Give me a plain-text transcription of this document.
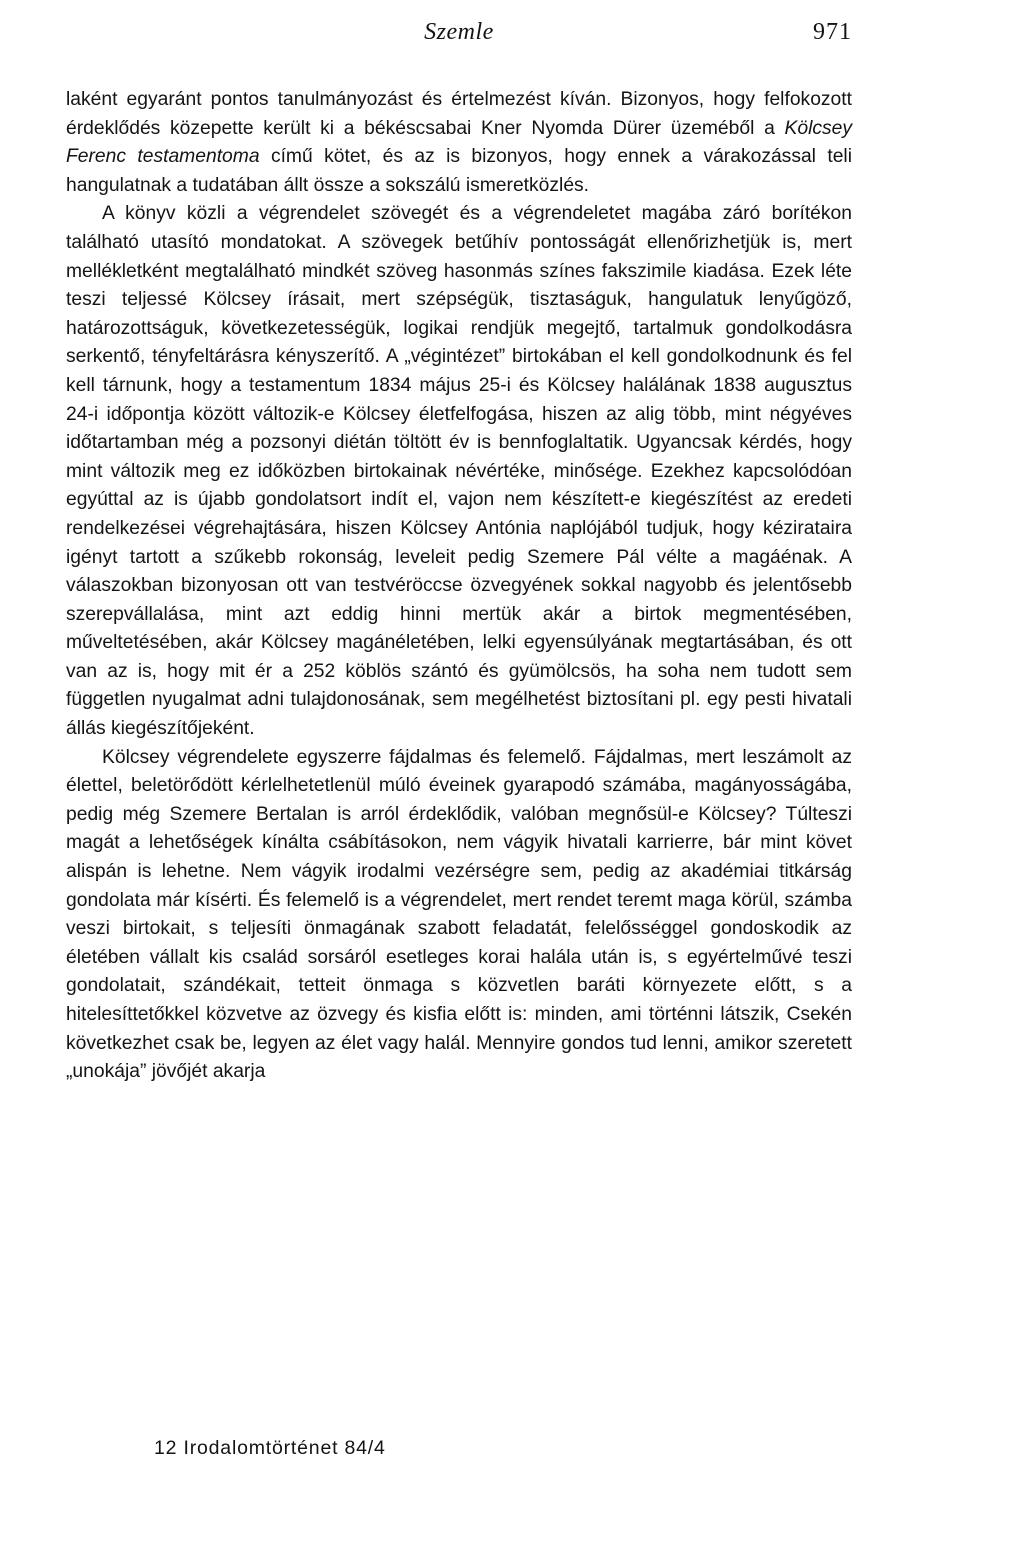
Szemle	971

laként egyaránt pontos tanulmányozást és értelmezést kíván. Bizonyos, hogy felfokozott érdeklődés közepette került ki a békéscsabai Kner Nyomda Dürer üzeméből a Kölcsey Ferenc testamentoma című kötet, és az is bizonyos, hogy ennek a várakozással teli hangulatnak a tudatában állt össze a sokszálú ismeretközlés.

A könyv közli a végrendelet szövegét és a végrendeletet magába záró borítékon található utasító mondatokat. A szövegek betűhív pontosságát ellenőrizhetjük is, mert mellékletként megtalálható mindkét szöveg hasonmás színes fakszimile kiadása. Ezek léte teszi teljessé Kölcsey írásait, mert szépségük, tisztaságuk, hangulatuk lenyűgöző, határozottságuk, következetességük, logikai rendjük megejtő, tartalmuk gondolkodásra serkentő, tényfeltárásra kényszerítő. A „végintézet” birtokában el kell gondolkodnunk és fel kell tárnunk, hogy a testamentum 1834 május 25-i és Kölcsey halálának 1838 augusztus 24-i időpontja között változik-e Kölcsey életfelfogása, hiszen az alig több, mint négyéves időtartamban még a pozsonyi diétán töltött év is bennfoglaltatik. Ugyancsak kérdés, hogy mint változik meg ez időközben birtokainak névértéke, minősége. Ezekhez kapcsolódóan egyúttal az is újabb gondolatsort indít el, vajon nem készített-e kiegészítést az eredeti rendelkezései végrehajtására, hiszen Kölcsey Antónia naplójából tudjuk, hogy kézirataira igényt tartott a szűkebb rokonság, leveleit pedig Szemere Pál vélte a magáénak. A válaszokban bizonyosan ott van testvéröccse özvegyének sokkal nagyobb és jelentősebb szerepvállalása, mint azt eddig hinni mertük akár a birtok megmentésében, műveltetésében, akár Kölcsey magánéletében, lelki egyensúlyának megtartásában, és ott van az is, hogy mit ér a 252 köblös szántó és gyümölcsös, ha soha nem tudott sem független nyugalmat adni tulajdonosának, sem megélhetést biztosítani pl. egy pesti hivatali állás kiegészítőjeként.

Kölcsey végrendelete egyszerre fájdalmas és felemelő. Fájdalmas, mert leszámolt az élettel, beletörődött kérlelhetetlenül múló éveinek gyarapodó számába, magányosságába, pedig még Szemere Bertalan is arról érdeklődik, valóban megnősül-e Kölcsey? Túlteszi magát a lehetőségek kínálta csábításokon, nem vágyik hivatali karrierre, bár mint követ alispán is lehetne. Nem vágyik irodalmi vezérségre sem, pedig az akadémiai titkárság gondolata már kísérti. És felemelő is a végrendelet, mert rendet teremt maga körül, számba veszi birtokait, s teljesíti önmagának szabott feladatát, felelősséggel gondoskodik az életében vállalt kis család sorsáról esetleges korai halála után is, s egyértelművé teszi gondolatait, szándékait, tetteit önmaga s közvetlen baráti környezete előtt, s a hitelesíttetőkkel közvetve az özvegy és kisfia előtt is: minden, ami történni látszik, Csekén következhet csak be, legyen az élet vagy halál. Mennyire gondos tud lenni, amikor szeretett „unokája” jövőjét akarja

12 Irodalomtörténet 84/4
